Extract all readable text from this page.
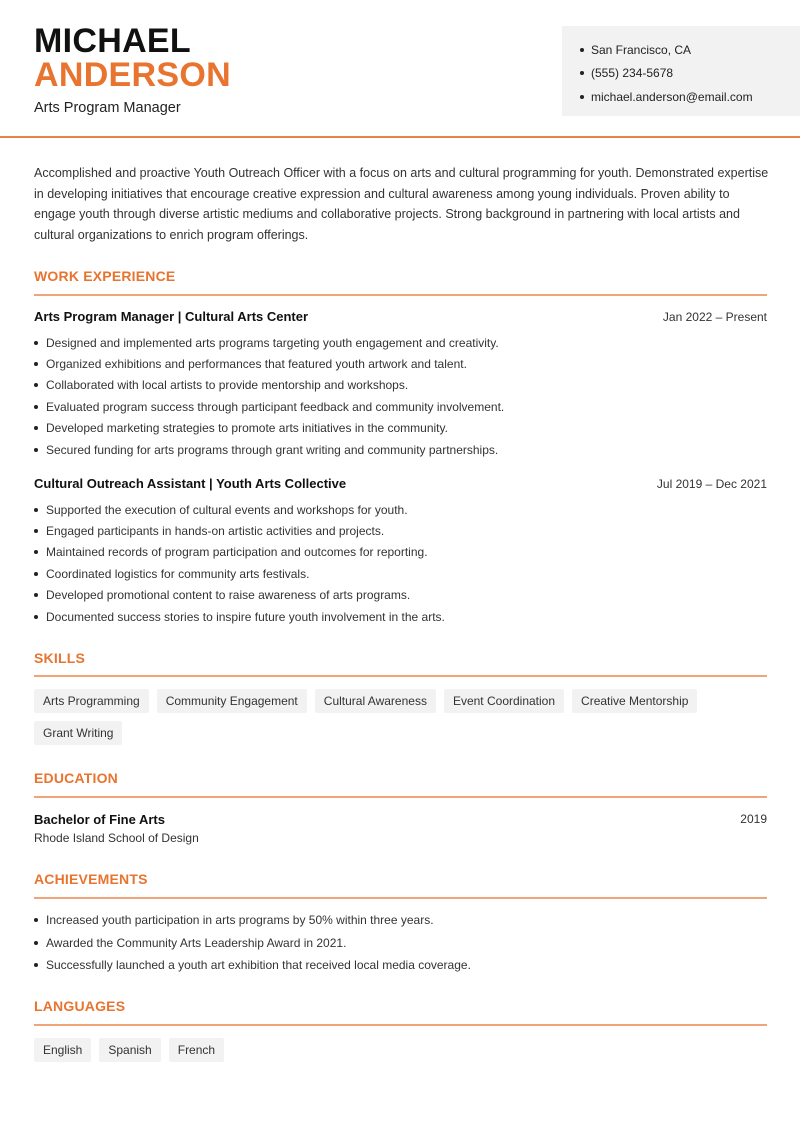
MICHAEL
ANDERSON
Arts Program Manager
San Francisco, CA
(555) 234-5678
michael.anderson@email.com
Accomplished and proactive Youth Outreach Officer with a focus on arts and cultural programming for youth. Demonstrated expertise in developing initiatives that encourage creative expression and cultural awareness among young individuals. Proven ability to engage youth through diverse artistic mediums and collaborative projects. Strong background in partnering with local artists and cultural organizations to enrich program offerings.
WORK EXPERIENCE
Arts Program Manager | Cultural Arts Center	Jan 2022 – Present
Designed and implemented arts programs targeting youth engagement and creativity.
Organized exhibitions and performances that featured youth artwork and talent.
Collaborated with local artists to provide mentorship and workshops.
Evaluated program success through participant feedback and community involvement.
Developed marketing strategies to promote arts initiatives in the community.
Secured funding for arts programs through grant writing and community partnerships.
Cultural Outreach Assistant | Youth Arts Collective	Jul 2019 – Dec 2021
Supported the execution of cultural events and workshops for youth.
Engaged participants in hands-on artistic activities and projects.
Maintained records of program participation and outcomes for reporting.
Coordinated logistics for community arts festivals.
Developed promotional content to raise awareness of arts programs.
Documented success stories to inspire future youth involvement in the arts.
SKILLS
Arts Programming	Community Engagement	Cultural Awareness	Event Coordination	Creative Mentorship
Grant Writing
EDUCATION
Bachelor of Fine Arts	2019
Rhode Island School of Design
ACHIEVEMENTS
Increased youth participation in arts programs by 50% within three years.
Awarded the Community Arts Leadership Award in 2021.
Successfully launched a youth art exhibition that received local media coverage.
LANGUAGES
English	Spanish	French
